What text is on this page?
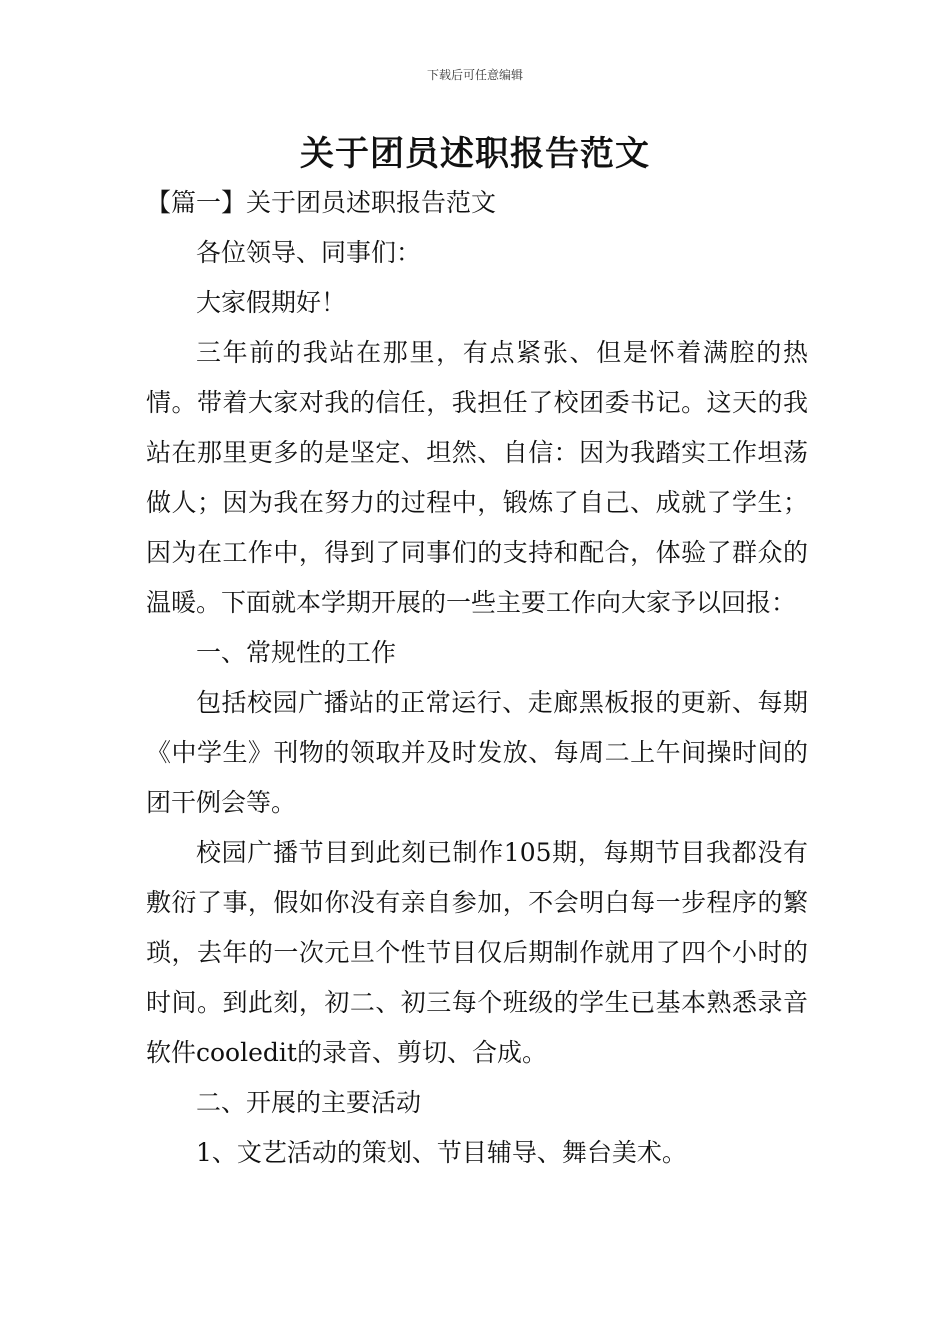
下载后可任意编辑
关于团员述职报告范文

【篇一】关于团员述职报告范文

各位领导、同事们：

大家假期好！

三年前的我站在那里，有点紧张、但是怀着满腔的热情。带着大家对我的信任，我担任了校团委书记。这天的我站在那里更多的是坚定、坦然、自信：因为我踏实工作坦荡做人；因为我在努力的过程中，锻炼了自己、成就了学生；因为在工作中，得到了同事们的支持和配合，体验了群众的温暖。下面就本学期开展的一些主要工作向大家予以回报：

一、常规性的工作

包括校园广播站的正常运行、走廊黑板报的更新、每期《中学生》刊物的领取并及时发放、每周二上午间操时间的团干例会等。

校园广播节目到此刻已制作105期，每期节目我都没有敷衍了事，假如你没有亲自参加，不会明白每一步程序的繁琐，去年的一次元旦个性节目仅后期制作就用了四个小时的时间。到此刻，初二、初三每个班级的学生已基本熟悉录音软件cooledit的录音、剪切、合成。

二、开展的主要活动

1、文艺活动的策划、节目辅导、舞台美术。
